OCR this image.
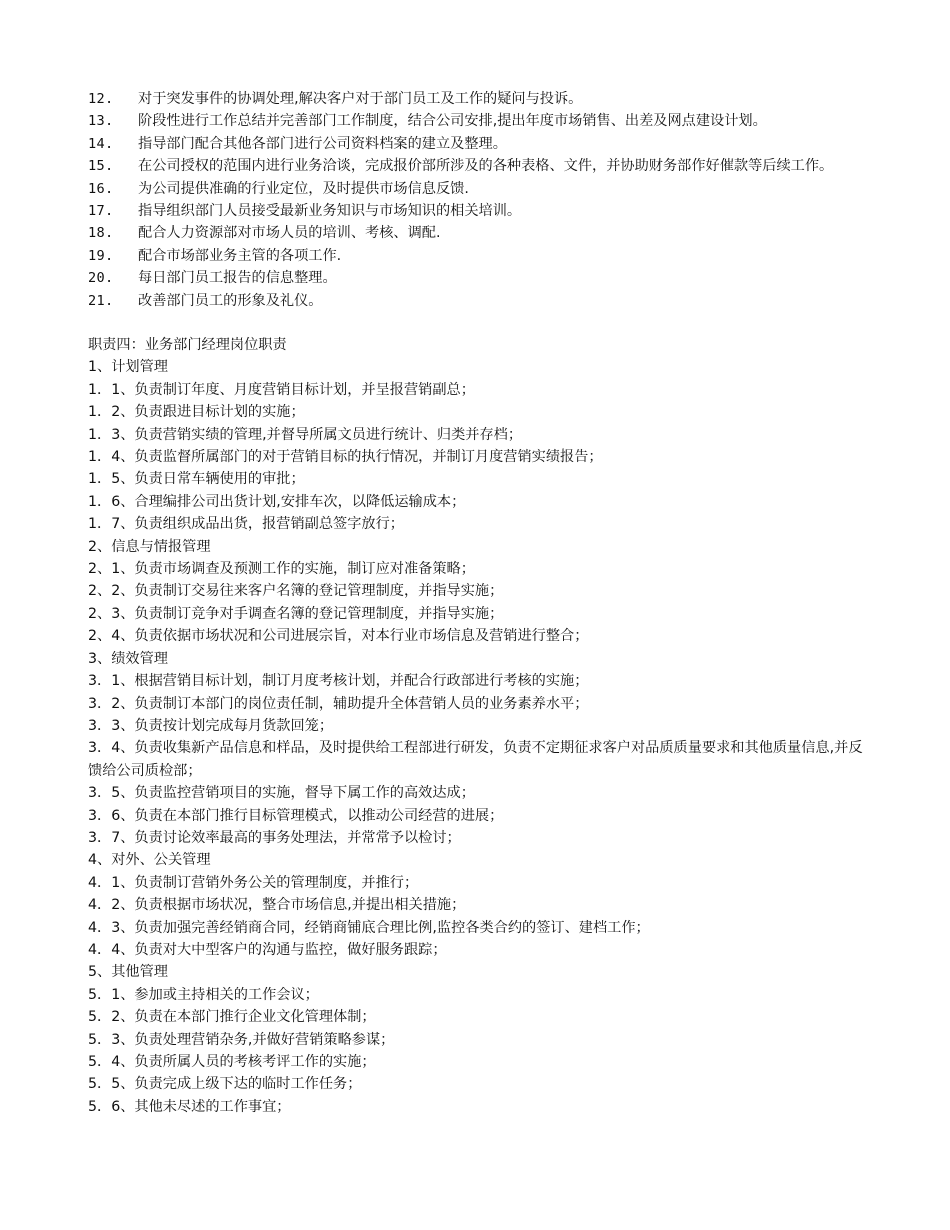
12.	对于突发事件的协调处理,解决客户对于部门员工及工作的疑问与投诉。
13.	阶段性进行工作总结并完善部门工作制度，结合公司安排,提出年度市场销售、出差及网点建设计划。
14.	指导部门配合其他各部门进行公司资料档案的建立及整理。
15.	在公司授权的范围内进行业务洽谈，完成报价部所涉及的各种表格、文件，并协助财务部作好催款等后续工作。
16.	为公司提供准确的行业定位，及时提供市场信息反馈.
17.	指导组织部门人员接受最新业务知识与市场知识的相关培训。
18.	配合人力资源部对市场人员的培训、考核、调配.
19.	配合市场部业务主管的各项工作.
20.	每日部门员工报告的信息整理。
21.	改善部门员工的形象及礼仪。
职责四：业务部门经理岗位职责
1、计划管理
1．1、负责制订年度、月度营销目标计划，并呈报营销副总；
1．2、负责跟进目标计划的实施；
1．3、负责营销实绩的管理,并督导所属文员进行统计、归类并存档；
1．4、负责监督所属部门的对于营销目标的执行情况，并制订月度营销实绩报告；
1．5、负责日常车辆使用的审批；
1．6、合理编排公司出货计划,安排车次，以降低运输成本；
1．7、负责组织成品出货，报营销副总签字放行；
2、信息与情报管理
2、1、负责市场调查及预测工作的实施，制订应对准备策略；
2、2、负责制订交易往来客户名簿的登记管理制度，并指导实施；
2、3、负责制订竞争对手调查名簿的登记管理制度，并指导实施；
2、4、负责依据市场状况和公司进展宗旨，对本行业市场信息及营销进行整合；
3、绩效管理
3．1、根据营销目标计划，制订月度考核计划，并配合行政部进行考核的实施；
3．2、负责制订本部门的岗位责任制，辅助提升全体营销人员的业务素养水平；
3．3、负责按计划完成每月货款回笼；
3．4、负责收集新产品信息和样品，及时提供给工程部进行研发，负责不定期征求客户对品质质量要求和其他质量信息,并反馈给公司质检部；
3．5、负责监控营销项目的实施，督导下属工作的高效达成；
3．6、负责在本部门推行目标管理模式，以推动公司经营的进展；
3．7、负责讨论效率最高的事务处理法，并常常予以检讨；
4、对外、公关管理
4．1、负责制订营销外务公关的管理制度，并推行；
4．2、负责根据市场状况，整合市场信息,并提出相关措施；
4．3、负责加强完善经销商合同，经销商铺底合理比例,监控各类合约的签订、建档工作；
4．4、负责对大中型客户的沟通与监控，做好服务跟踪；
5、其他管理
5．1、参加或主持相关的工作会议；
5．2、负责在本部门推行企业文化管理体制；
5．3、负责处理营销杂务,并做好营销策略参谋；
5．4、负责所属人员的考核考评工作的实施；
5．5、负责完成上级下达的临时工作任务；
5．6、其他未尽述的工作事宜；
